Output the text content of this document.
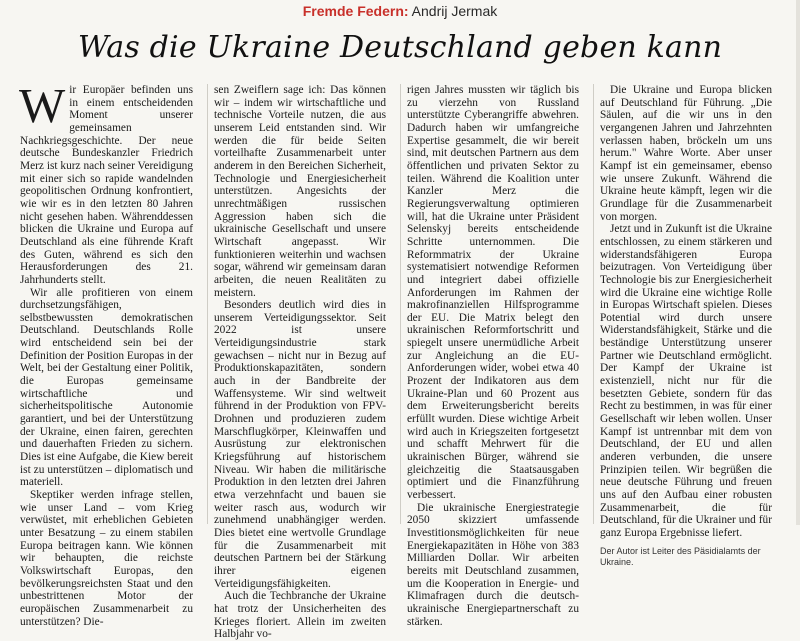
Fremde Federn: Andrij Jermak
Was die Ukraine Deutschland geben kann

Wir Europäer befinden uns in einem entscheidenden Moment unserer gemeinsamen Nachkriegsgeschichte. Der neue deutsche Bundeskanzler Friedrich Merz ist kurz nach seiner Vereidigung mit einer sich so rapide wandelnden geopolitischen Ordnung konfrontiert, wie wir es in den letzten 80 Jahren nicht gesehen haben. Währenddessen blicken die Ukraine und Europa auf Deutschland als eine führende Kraft des Guten, während es sich den Herausforderungen des 21. Jahrhunderts stellt.

Wir alle profitieren von einem durchsetzungsfähigen, selbstbewussten demokratischen Deutschland. Deutschlands Rolle wird entscheidend sein bei der Definition der Position Europas in der Welt, bei der Gestaltung einer Politik, die Europas gemeinsame wirtschaftliche und sicherheitspolitische Autonomie garantiert, und bei der Unterstützung der Ukraine, einen fairen, gerechten und dauerhaften Frieden zu sichern. Dies ist eine Aufgabe, die Kiew bereit ist zu unterstützen – diplomatisch und materiell.

Skeptiker werden infrage stellen, wie unser Land – vom Krieg verwüstet, mit erheblichen Gebieten unter Besatzung – zu einem stabilen Europa beitragen kann. Wie können wir behaupten, die reichste Volkswirtschaft Europas, den bevölkerungsreichsten Staat und den unbestrittenen Motor der europäischen Zusammenarbeit zu unterstützen? Die-

sen Zweiflern sage ich: Das können wir – indem wir wirtschaftliche und technische Vorteile nutzen, die aus unserem Leid entstanden sind. Wir werden die für beide Seiten vorteilhafte Zusammenarbeit unter anderem in den Bereichen Sicherheit, Technologie und Energiesicherheit unterstützen. Angesichts der unrechtmäßigen russischen Aggression haben sich die ukrainische Gesellschaft und unsere Wirtschaft angepasst. Wir funktionieren weiterhin und wachsen sogar, während wir gemeinsam daran arbeiten, die neuen Realitäten zu meistern.

Besonders deutlich wird dies in unserem Verteidigungssektor. Seit 2022 ist unsere Verteidigungsindustrie stark gewachsen – nicht nur in Bezug auf Produktionskapazitäten, sondern auch in der Bandbreite der Waffensysteme. Wir sind weltweit führend in der Produktion von FPV-Drohnen und produzieren zudem Marschflugkörper, Kleinwaffen und Ausrüstung zur elektronischen Kriegsführung auf historischem Niveau. Wir haben die militärische Produktion in den letzten drei Jahren etwa verzehnfacht und bauen sie weiter rasch aus, wodurch wir zunehmend unabhängiger werden. Dies bietet eine wertvolle Grundlage für die Zusammenarbeit mit deutschen Partnern bei der Stärkung ihrer eigenen Verteidigungsfähigkeiten.

Auch die Techbranche der Ukraine hat trotz der Unsicherheiten des Krieges floriert. Allein im zweiten Halbjahr vo-

rigen Jahres mussten wir täglich bis zu vierzehn von Russland unterstützte Cyberangriffe abwehren. Dadurch haben wir umfangreiche Expertise gesammelt, die wir bereit sind, mit deutschen Partnern aus dem öffentlichen und privaten Sektor zu teilen. Während die Koalition unter Kanzler Merz die Regierungsverwaltung optimieren will, hat die Ukraine unter Präsident Selenskyj bereits entscheidende Schritte unternommen. Die Reformmatrix der Ukraine systematisiert notwendige Reformen und integriert dabei offizielle Anforderungen im Rahmen der makrofinanziellen Hilfsprogramme der EU. Die Matrix belegt den ukrainischen Reformfortschritt und spiegelt unsere unermüdliche Arbeit zur Angleichung an die EU-Anforderungen wider, wobei etwa 40 Prozent der Indikatoren aus dem Ukraine-Plan und 60 Prozent aus dem Erweiterungsbericht bereits erfüllt wurden. Diese wichtige Arbeit wird auch in Kriegszeiten fortgesetzt und schafft Mehrwert für die ukrainischen Bürger, während sie gleichzeitig die Staatsausgaben optimiert und die Finanzführung verbessert.

Die ukrainische Energiestrategie 2050 skizziert umfassende Investitionsmöglichkeiten für neue Energiekapazitäten in Höhe von 383 Milliarden Dollar. Wir arbeiten bereits mit Deutschland zusammen, um die Kooperation in Energie- und Klimafragen durch die deutsch-ukrainische Energiepartnerschaft zu stärken.

Die Ukraine und Europa blicken auf Deutschland für Führung. „Die Säulen, auf die wir uns in den vergangenen Jahren und Jahrzehnten verlassen haben, bröckeln um uns herum." Wahre Worte. Aber unser Kampf ist ein gemeinsamer, ebenso wie unsere Zukunft. Während die Ukraine heute kämpft, legen wir die Grundlage für die Zusammenarbeit von morgen.

Jetzt und in Zukunft ist die Ukraine entschlossen, zu einem stärkeren und widerstandsfähigeren Europa beizutragen. Von Verteidigung über Technologie bis zur Energiesicherheit wird die Ukraine eine wichtige Rolle in Europas Wirtschaft spielen. Dieses Potential wird durch unsere Widerstandsfähigkeit, Stärke und die beständige Unterstützung unserer Partner wie Deutschland ermöglicht. Der Kampf der Ukraine ist existenziell, nicht nur für die besetzten Gebiete, sondern für das Recht zu bestimmen, in was für einer Gesellschaft wir leben wollen. Unser Kampf ist untrennbar mit dem von Deutschland, der EU und allen anderen verbunden, die unsere Prinzipien teilen. Wir begrüßen die neue deutsche Führung und freuen uns auf den Aufbau einer robusten Zusammenarbeit, die für Deutschland, für die Ukrainer und für ganz Europa Ergebnisse liefert.

Der Autor ist Leiter des Päsidialamts der Ukraine.
